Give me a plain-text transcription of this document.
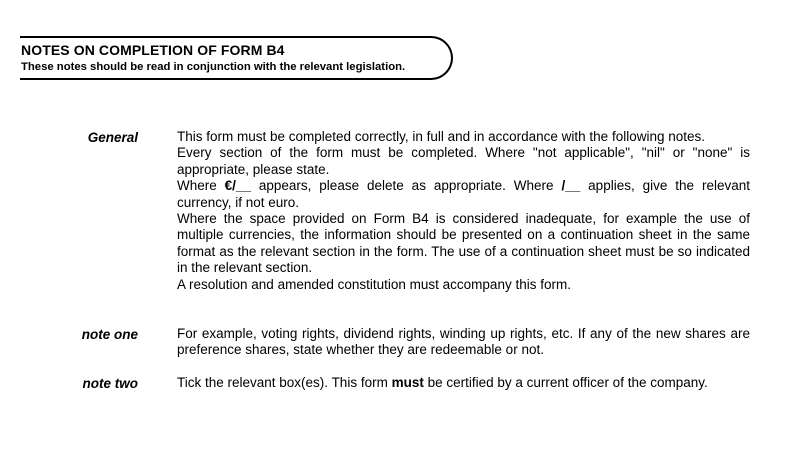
NOTES ON COMPLETION OF FORM B4
These notes should be read in conjunction with the relevant legislation.
General	This form must be completed correctly, in full and in accordance with the following notes.

Every section of the form must be completed. Where "not applicable", "nil" or "none" is appropriate, please state.

Where €/__ appears, please delete as appropriate. Where /__ applies, give the relevant currency, if not euro.

Where the space provided on Form B4 is considered inadequate, for example the use of multiple currencies, the information should be presented on a continuation sheet in the same format as the relevant section in the form. The use of a continuation sheet must be so indicated in the relevant section.

A resolution and amended constitution must accompany this form.

note one	For example, voting rights, dividend rights, winding up rights, etc. If any of the new shares are preference shares, state whether they are redeemable or not.
note two	Tick the relevant box(es). This form must be certified by a current officer of the company.
